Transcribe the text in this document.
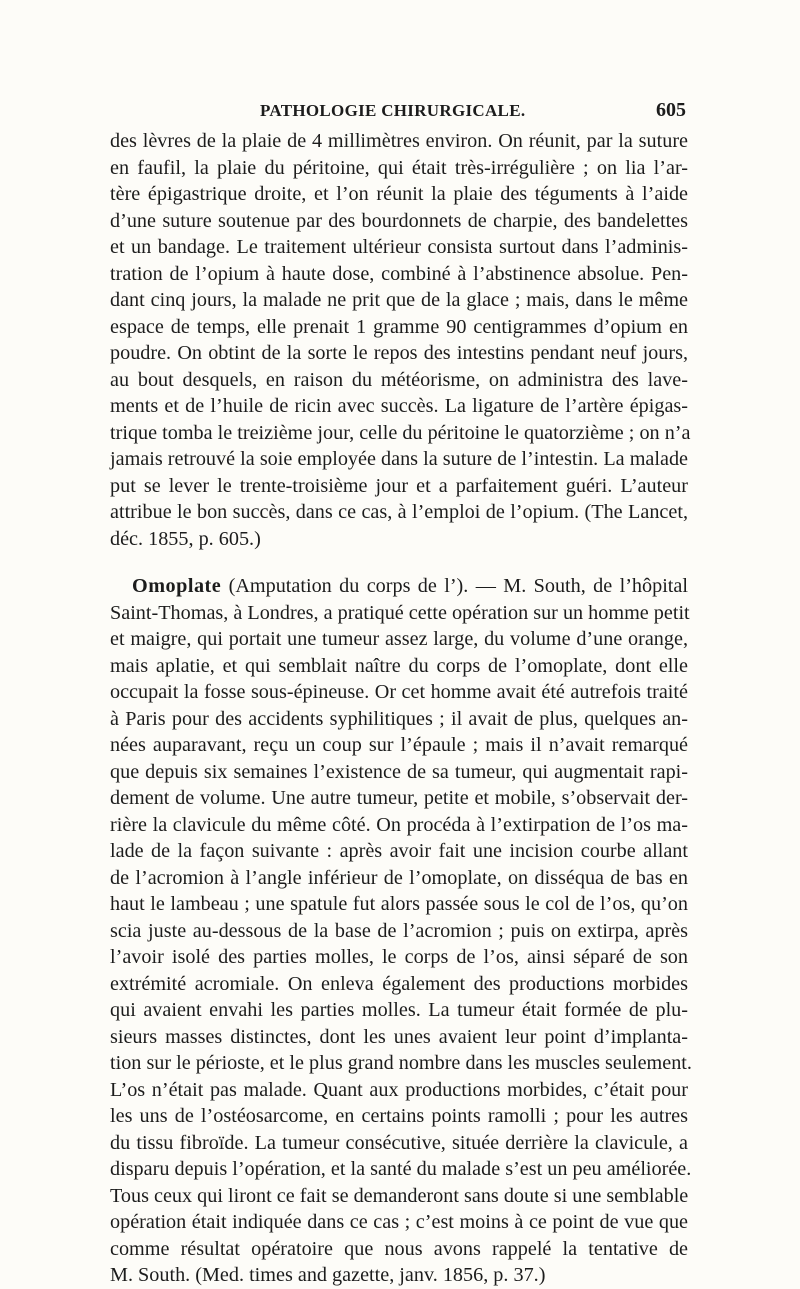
PATHOLOGIE CHIRURGICALE.	605
des lèvres de la plaie de 4 millimètres environ. On réunit, par la suture
en faufil, la plaie du péritoine, qui était très-irrégulière ; on lia l’ar-
tère épigastrique droite, et l’on réunit la plaie des téguments à l’aide
d’une suture soutenue par des bourdonnets de charpie, des bandelettes
et un bandage. Le traitement ultérieur consista surtout dans l’adminis-
tration de l’opium à haute dose, combiné à l’abstinence absolue. Pen-
dant cinq jours, la malade ne prit que de la glace ; mais, dans le même
espace de temps, elle prenait 1 gramme 90 centigrammes d’opium en
poudre. On obtint de la sorte le repos des intestins pendant neuf jours,
au bout desquels, en raison du météorisme, on administra des lave-
ments et de l’huile de ricin avec succès. La ligature de l’artère épigas-
trique tomba le treizième jour, celle du péritoine le quatorzième ; on n’a
jamais retrouvé la soie employée dans la suture de l’intestin. La malade
put se lever le trente-troisième jour et a parfaitement guéri. L’auteur
attribue le bon succès, dans ce cas, à l’emploi de l’opium. (The Lancet,
déc. 1855, p. 605.)
Omoplate (Amputation du corps de l’). — M. South, de l’hôpital
Saint-Thomas, à Londres, a pratiqué cette opération sur un homme petit
et maigre, qui portait une tumeur assez large, du volume d’une orange,
mais aplatie, et qui semblait naître du corps de l’omoplate, dont elle
occupait la fosse sous-épineuse. Or cet homme avait été autrefois traité
à Paris pour des accidents syphilitiques ; il avait de plus, quelques an-
nées auparavant, reçu un coup sur l’épaule ; mais il n’avait remarqué
que depuis six semaines l’existence de sa tumeur, qui augmentait rapi-
dement de volume. Une autre tumeur, petite et mobile, s’observait der-
rière la clavicule du même côté. On procéda à l’extirpation de l’os ma-
lade de la façon suivante : après avoir fait une incision courbe allant
de l’acromion à l’angle inférieur de l’omoplate, on disséqua de bas en
haut le lambeau ; une spatule fut alors passée sous le col de l’os, qu’on
scia juste au-dessous de la base de l’acromion ; puis on extirpa, après
l’avoir isolé des parties molles, le corps de l’os, ainsi séparé de son
extrémité acromiale. On enleva également des productions morbides
qui avaient envahi les parties molles. La tumeur était formée de plu-
sieurs masses distinctes, dont les unes avaient leur point d’implanta-
tion sur le périoste, et le plus grand nombre dans les muscles seulement.
L’os n’était pas malade. Quant aux productions morbides, c’était pour
les uns de l’ostéosarcome, en certains points ramolli ; pour les autres
du tissu fibroïde. La tumeur consécutive, située derrière la clavicule, a
disparu depuis l’opération, et la santé du malade s’est un peu améliorée.
Tous ceux qui liront ce fait se demanderont sans doute si une semblable
opération était indiquée dans ce cas ; c’est moins à ce point de vue que
comme résultat opératoire que nous avons rappelé la tentative de
M. South. (Med. times and gazette, janv. 1856, p. 37.)
